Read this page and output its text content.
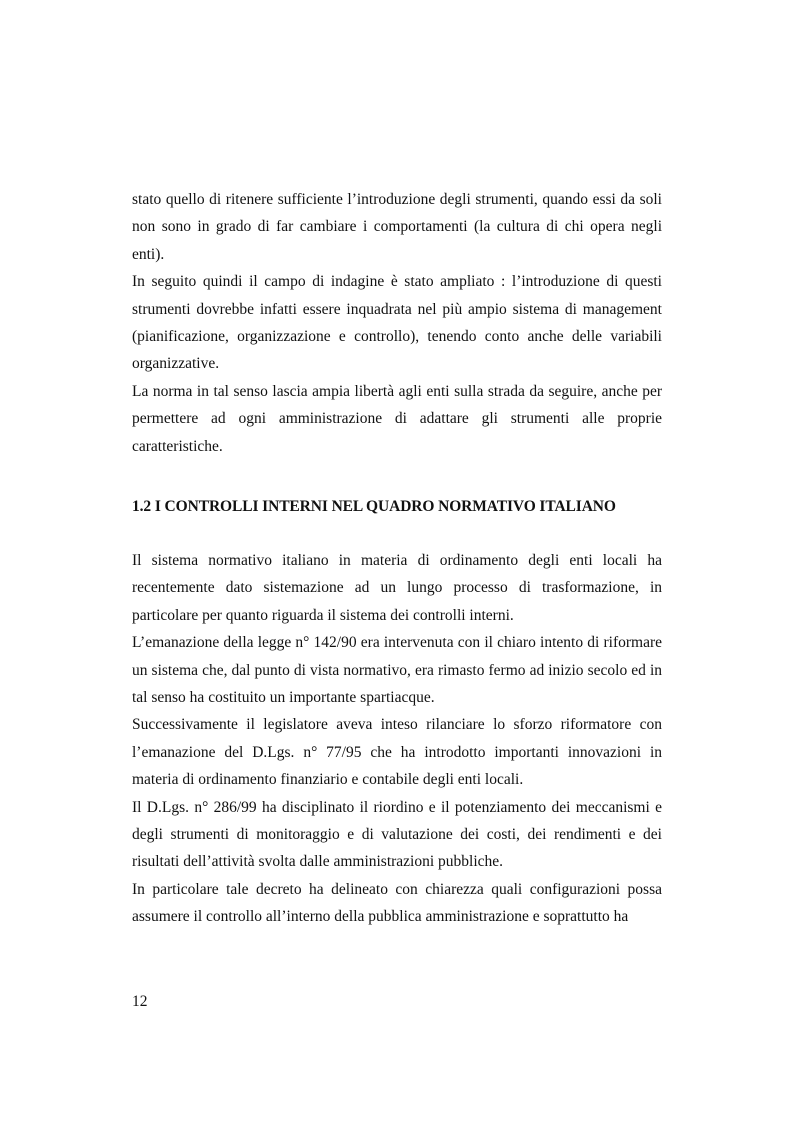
stato quello di ritenere sufficiente l’introduzione degli strumenti, quando essi da soli non sono in grado di far cambiare i comportamenti (la cultura di chi opera negli enti).

In seguito quindi il campo di indagine è stato ampliato : l’introduzione di questi strumenti dovrebbe infatti essere inquadrata nel più ampio sistema di management (pianificazione, organizzazione e controllo), tenendo conto anche delle variabili organizzative.

La norma in tal senso lascia ampia libertà agli enti sulla strada da seguire, anche per permettere ad ogni amministrazione di adattare gli strumenti alle proprie caratteristiche.

1.2 I CONTROLLI INTERNI NEL QUADRO NORMATIVO ITALIANO

Il sistema normativo italiano in materia di ordinamento degli enti locali ha recentemente dato sistemazione ad un lungo processo di trasformazione, in particolare per quanto riguarda il sistema dei controlli interni.

L’emanazione della legge n° 142/90 era intervenuta con il chiaro intento di riformare un sistema che, dal punto di vista normativo, era rimasto fermo ad inizio secolo ed in tal senso ha costituito un importante spartiacque.

Successivamente il legislatore aveva inteso rilanciare lo sforzo riformatore con l’emanazione del D.Lgs. n° 77/95 che ha introdotto importanti innovazioni in materia di ordinamento finanziario e contabile degli enti locali.

Il D.Lgs. n° 286/99 ha disciplinato il riordino e il potenziamento dei meccanismi e degli strumenti di monitoraggio e di valutazione dei costi, dei rendimenti e dei risultati dell’attività svolta dalle amministrazioni pubbliche.

In particolare tale decreto ha delineato con chiarezza quali configurazioni possa assumere il controllo all’interno della pubblica amministrazione e soprattutto ha

12
